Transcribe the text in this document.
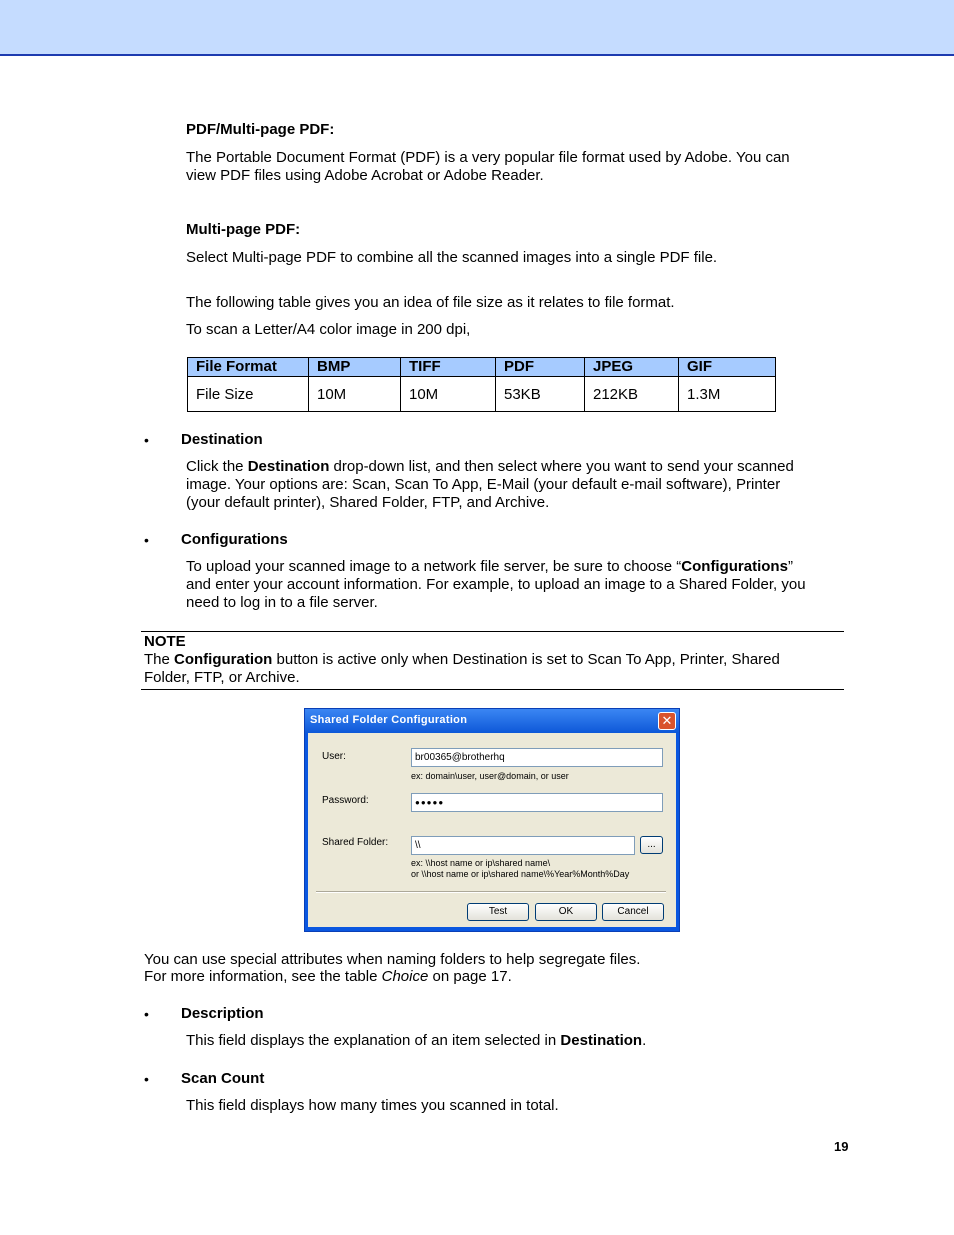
PDF/Multi-page PDF:
The Portable Document Format (PDF) is a very popular file format used by Adobe. You can
view PDF files using Adobe Acrobat or Adobe Reader.
Multi-page PDF:
Select Multi-page PDF to combine all the scanned images into a single PDF file.
The following table gives you an idea of file size as it relates to file format.
To scan a Letter/A4 color image in 200 dpi,
File Format	BMP	TIFF	PDF	JPEG	GIF
File Size	10M	10M	53KB	212KB	1.3M
• Destination
Click the Destination drop-down list, and then select where you want to send your scanned
image. Your options are: Scan, Scan To App, E-Mail (your default e-mail software), Printer
(your default printer), Shared Folder, FTP, and Archive.
• Configurations
To upload your scanned image to a network file server, be sure to choose “Configurations”
and enter your account information. For example, to upload an image to a Shared Folder, you
need to log in to a file server.
NOTE
The Configuration button is active only when Destination is set to Scan To App, Printer, Shared
Folder, FTP, or Archive.
Shared Folder Configuration	✕
User:	br00365@brotherhq
ex: domain\user, user@domain, or user
Password:	●●●●●
Shared Folder:	\\	...
ex: \\host name or ip\shared name\
or \\host name or ip\shared name\%Year%Month%Day
Test	OK	Cancel
You can use special attributes when naming folders to help segregate files.
For more information, see the table Choice on page 17.
• Description
This field displays the explanation of an item selected in Destination.
• Scan Count
This field displays how many times you scanned in total.
19
